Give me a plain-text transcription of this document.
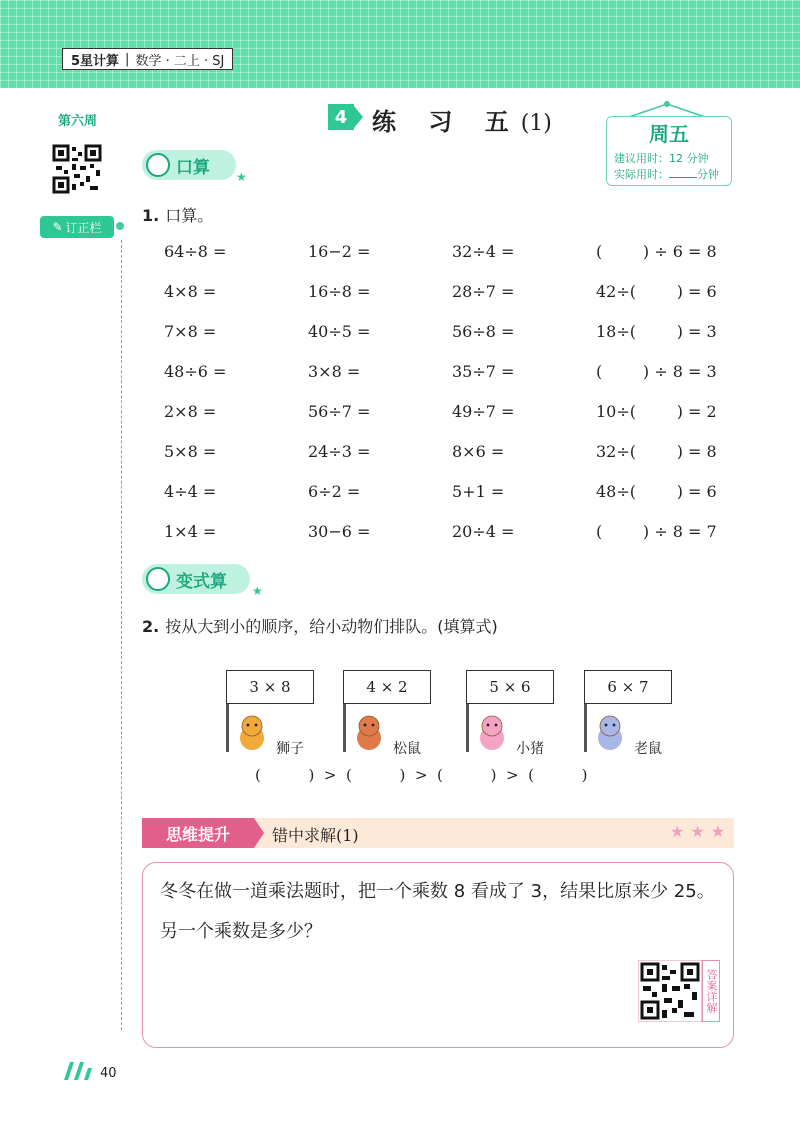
5星计算 | 数学 · 二上 · SJ
第六周
✎ 订正栏
4 练 习 五(1)	周五
建议用时：12 分钟
实际用时：	分钟
口算 ★
1. 口算。
64÷8 =	16−2 =	32÷4 =	(        ) ÷ 6 = 8
4×8 =	16÷8 =	28÷7 =	42÷(        ) = 6
7×8 =	40÷5 =	56÷8 =	18÷(        ) = 3
48÷6 =	3×8 =	35÷7 =	(        ) ÷ 8 = 3
2×8 =	56÷7 =	49÷7 =	10÷(        ) = 2
5×8 =	24÷3 =	8×6 =	32÷(        ) = 8
4÷4 =	6÷2 =	5+1 =	48÷(        ) = 6
1×4 =	30−6 =	20÷4 =	(        ) ÷ 8 = 7
变式算 ★
2. 按从大到小的顺序，给小动物们排队。(填算式)
3 × 8
狮子
4 × 2
松鼠
5 × 6
小猪
6 × 7
老鼠
(          )  >  (          )  >  (          )  >  (          )
思维提升	错中求解(1)	★★★
冬冬在做一道乘法题时，把一个乘数 8 看成了 3，结果比原来少 25。另一个乘数是多少？
答案详解
40
